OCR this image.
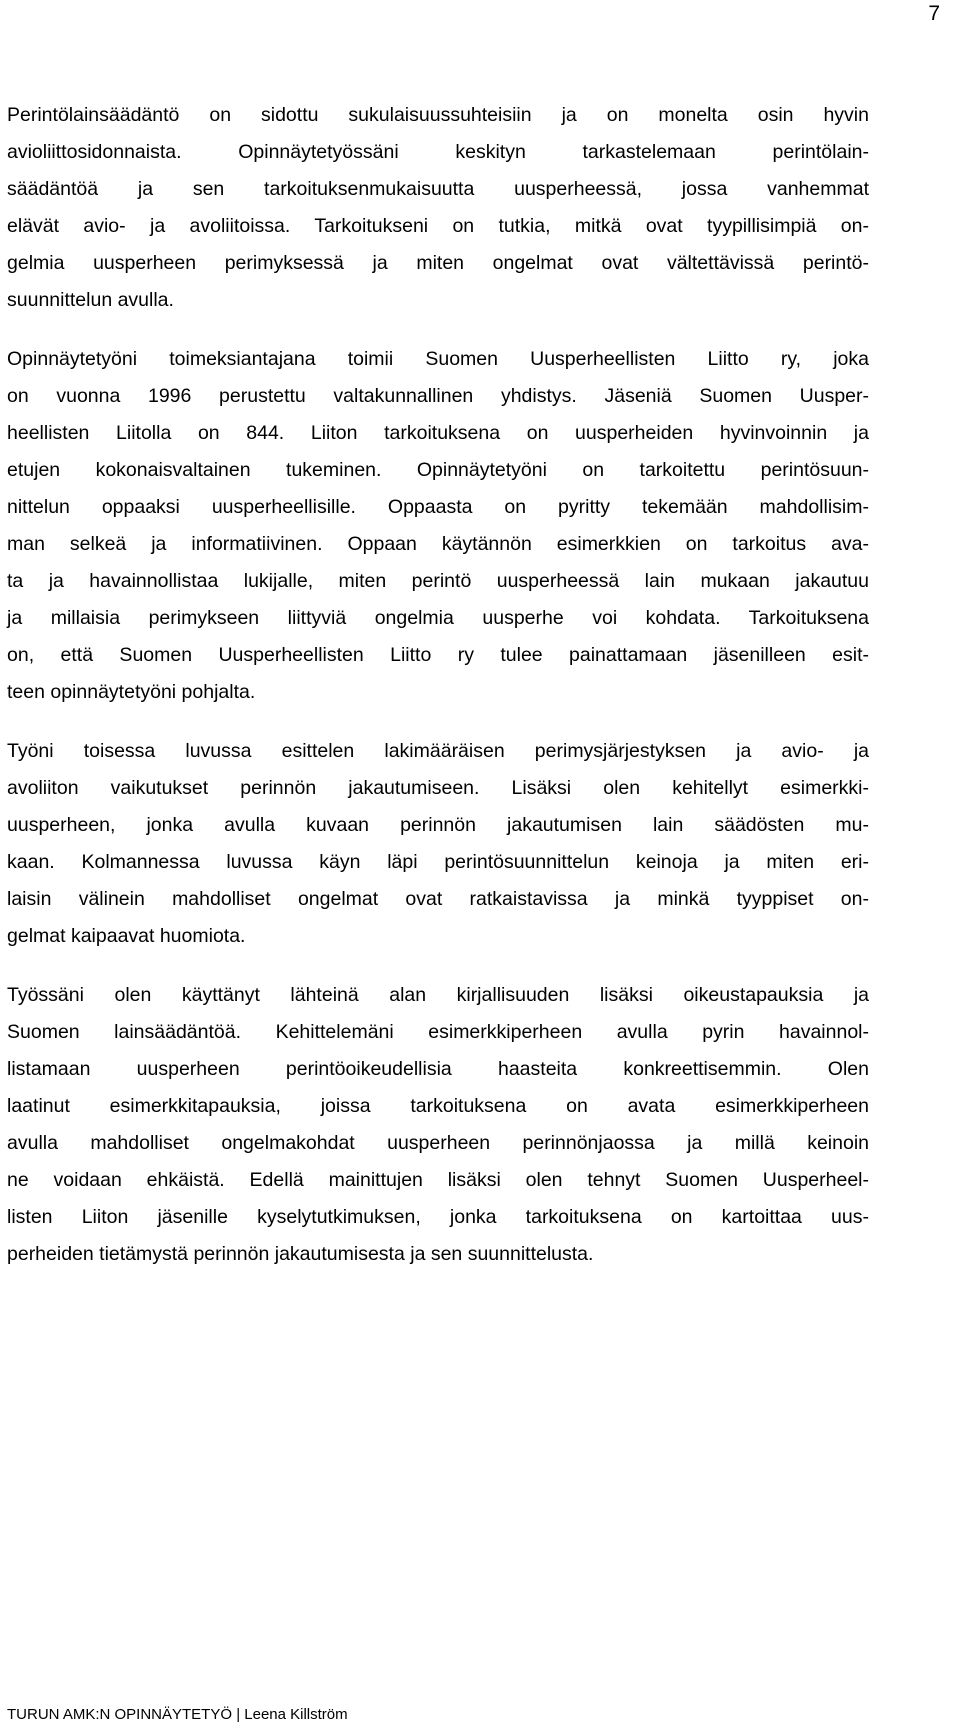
7
Perintölainsäädäntö on sidottu sukulaisuussuhteisiin ja on monelta osin hyvin
avioliittosidonnaista. Opinnäytetyössäni keskityn tarkastelemaan perintölain-
säädäntöä ja sen tarkoituksenmukaisuutta uusperheessä, jossa vanhemmat
elävät avio- ja avoliitoissa. Tarkoitukseni on tutkia, mitkä ovat tyypillisimpiä on-
gelmia uusperheen perimyksessä ja miten ongelmat ovat vältettävissä perintö-
suunnittelun avulla.
Opinnäytetyöni toimeksiantajana toimii Suomen Uusperheellisten Liitto ry, joka
on vuonna 1996 perustettu valtakunnallinen yhdistys. Jäseniä Suomen Uusper-
heellisten Liitolla on 844. Liiton tarkoituksena on uusperheiden hyvinvoinnin ja
etujen kokonaisvaltainen tukeminen. Opinnäytetyöni on tarkoitettu perintösuun-
nittelun oppaaksi uusperheellisille. Oppaasta on pyritty tekemään mahdollisim-
man selkeä ja informatiivinen. Oppaan käytännön esimerkkien on tarkoitus ava-
ta ja havainnollistaa lukijalle, miten perintö uusperheessä lain mukaan jakautuu
ja millaisia perimykseen liittyviä ongelmia uusperhe voi kohdata. Tarkoituksena
on, että Suomen Uusperheellisten Liitto ry tulee painattamaan jäsenilleen esit-
teen opinnäytetyöni pohjalta.
Työni toisessa luvussa esittelen lakimääräisen perimysjärjestyksen ja avio- ja
avoliiton vaikutukset perinnön jakautumiseen. Lisäksi olen kehitellyt esimerkki-
uusperheen, jonka avulla kuvaan perinnön jakautumisen lain säädösten mu-
kaan. Kolmannessa luvussa käyn läpi perintösuunnittelun keinoja ja miten eri-
laisin välinein mahdolliset ongelmat ovat ratkaistavissa ja minkä tyyppiset on-
gelmat kaipaavat huomiota.
Työssäni olen käyttänyt lähteinä alan kirjallisuuden lisäksi oikeustapauksia ja
Suomen lainsäädäntöä. Kehittelemäni esimerkkiperheen avulla pyrin havainnol-
listamaan uusperheen perintöoikeudellisia haasteita konkreettisemmin. Olen
laatinut esimerkkitapauksia, joissa tarkoituksena on avata esimerkkiperheen
avulla mahdolliset ongelmakohdat uusperheen perinnönjaossa ja millä keinoin
ne voidaan ehkäistä. Edellä mainittujen lisäksi olen tehnyt Suomen Uusperheel-
listen Liiton jäsenille kyselytutkimuksen, jonka tarkoituksena on kartoittaa uus-
perheiden tietämystä perinnön jakautumisesta ja sen suunnittelusta.
TURUN AMK:N OPINNÄYTETYÖ | Leena Killström
